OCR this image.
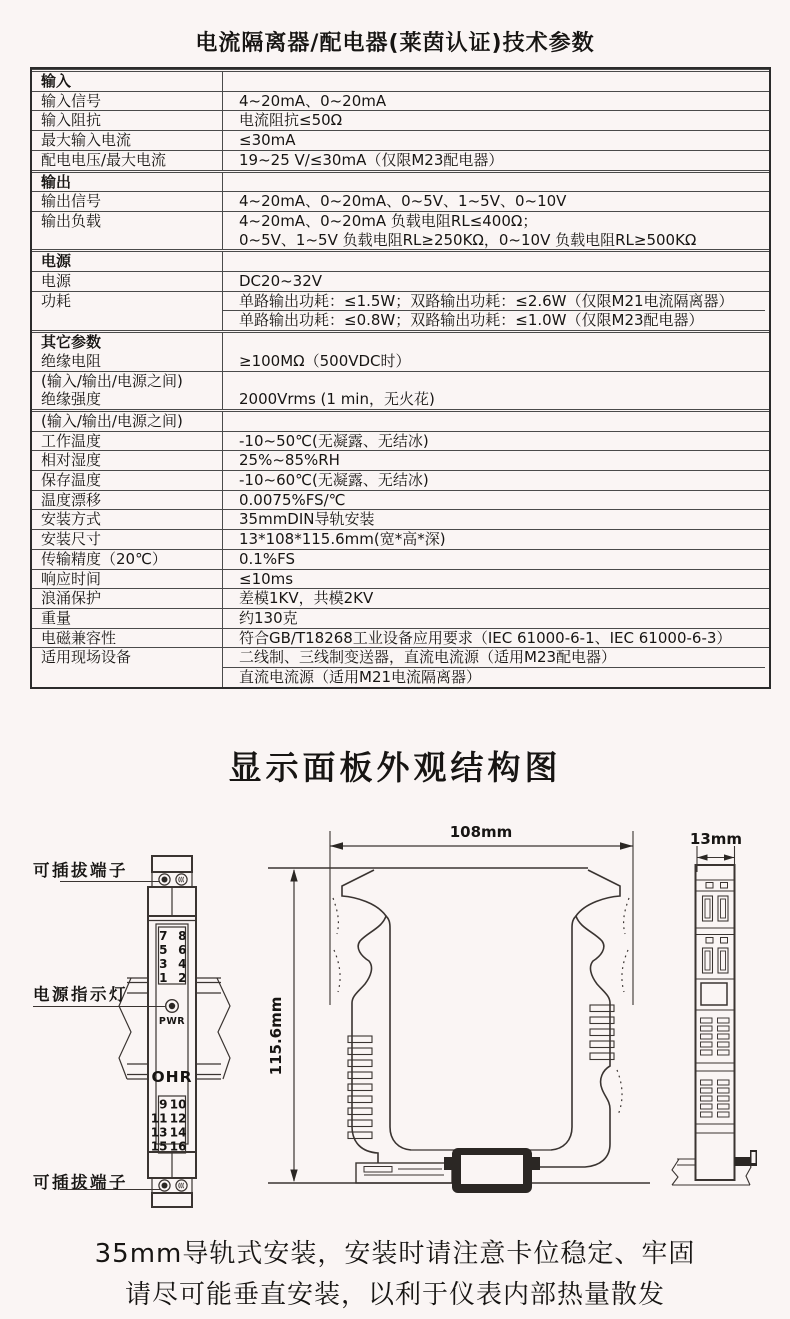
电流隔离器/配电器(莱茵认证)技术参数
输入

输入信号	4~20mA、0~20mA
输入阻抗	电流阻抗≤50Ω
最大输入电流	≤30mA
配电电压/最大电流	19~25 V/≤30mA（仅限M23配电器）
输出

输出信号	4~20mA、0~20mA、0~5V、1~5V、0~10V
输出负载	4~20mA、0~20mA 负载电阻RL≤400Ω；
0~5V、1~5V 负载电阻RL≥250KΩ，0~10V 负载电阻RL≥500KΩ
电源

电源	DC20~32V
功耗	单路输出功耗：≤1.5W；双路输出功耗：≤2.6W（仅限M21电流隔离器）
单路输出功耗：≤0.8W；双路输出功耗：≤1.0W（仅限M23配电器）
其它参数
绝缘电阻
	≥100MΩ（500VDC时）
(输入/输出/电源之间)
绝缘强度
	2000Vrms (1 min，无火花)
(输入/输出/电源之间)

工作温度	-10~50℃(无凝露、无结冰)
相对湿度	25%~85%RH
保存温度	-10~60℃(无凝露、无结冰)
温度漂移	0.0075%FS/℃
安装方式	35mmDIN导轨安装
安装尺寸	13*108*115.6mm(宽*高*深)
传输精度（20℃）	0.1%FS
响应时间	≤10ms
浪涌保护	差模1KV，共模2KV
重量	约130克
电磁兼容性	符合GB/T18268工业设备应用要求（IEC 61000-6-1、IEC 61000-6-3）
适用现场设备	二线制、三线制变送器，直流电流源（适用M23配电器）
直流电流源（适用M21电流隔离器）
显示面板外观结构图
7 8
5 6
3 4
1 2
PWR
OHR
9 10
11 12
13 14
15 16
可插拔端子
电源指示灯
可插拔端子
108mm
115.6mm
13mm
35mm导轨式安装，安装时请注意卡位稳定、牢固
请尽可能垂直安装，以利于仪表内部热量散发
